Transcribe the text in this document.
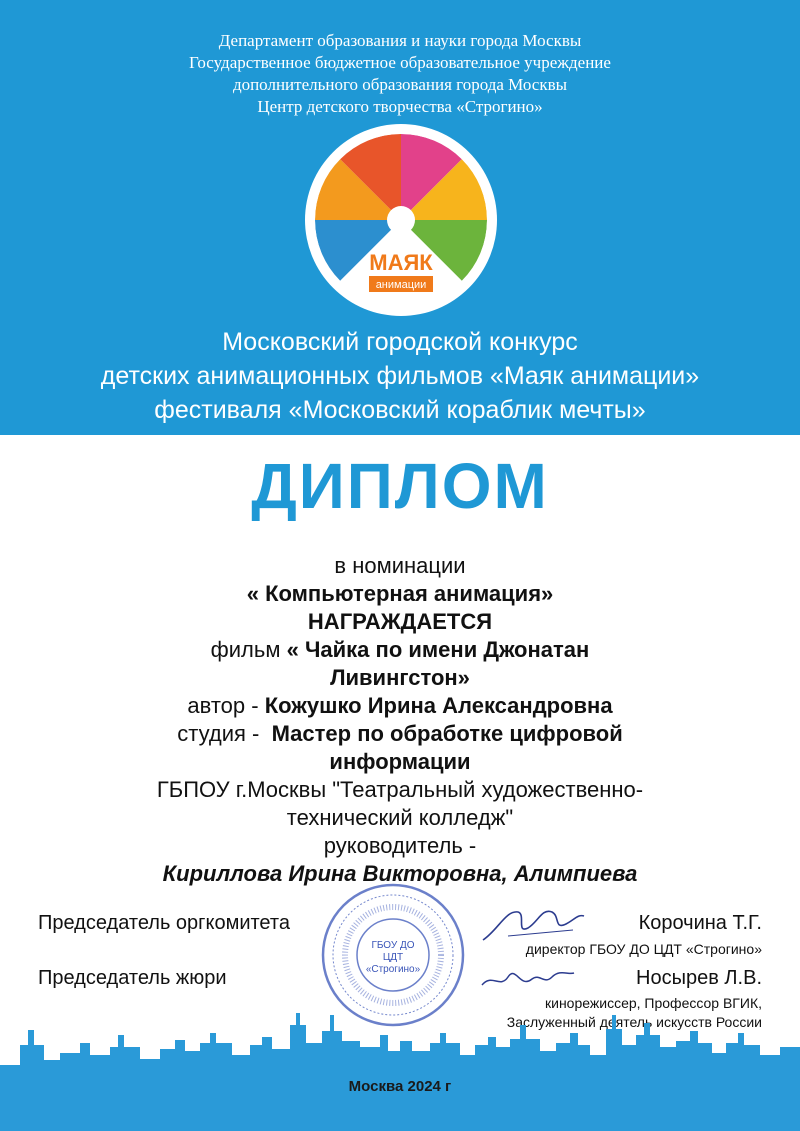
Департамент образования и науки города Москвы
Государственное бюджетное образовательное учреждение
дополнительного образования города Москвы
Центр детского творчества «Строгино»
МАЯК
анимации
Московский городской конкурс
детских анимационных фильмов «Маяк анимации»
фестиваля «Московский кораблик мечты»
ДИПЛОМ
в номинации
« Компьютерная анимация»
НАГРАЖДАЕТСЯ
фильм « Чайка по имени Джонатан
Ливингстон»
автор - Кожушко Ирина Александровна
студия -  Мастер по обработке цифровой
информации
ГБПОУ г.Москвы "Театральный художественно-
технический колледж"
руководитель -
Кириллова Ирина Викторовна, Алимпиева
ГБОУ ДО
ЦДТ
«Строгино»
Председатель оргкомитета	Корочина Т.Г.
директор ГБОУ ДО ЦДТ «Строгино»
Председатель жюри	Носырев Л.В.
кинорежиссер, Профессор ВГИК,
Заслуженный деятель искусств России
Москва 2024 г
